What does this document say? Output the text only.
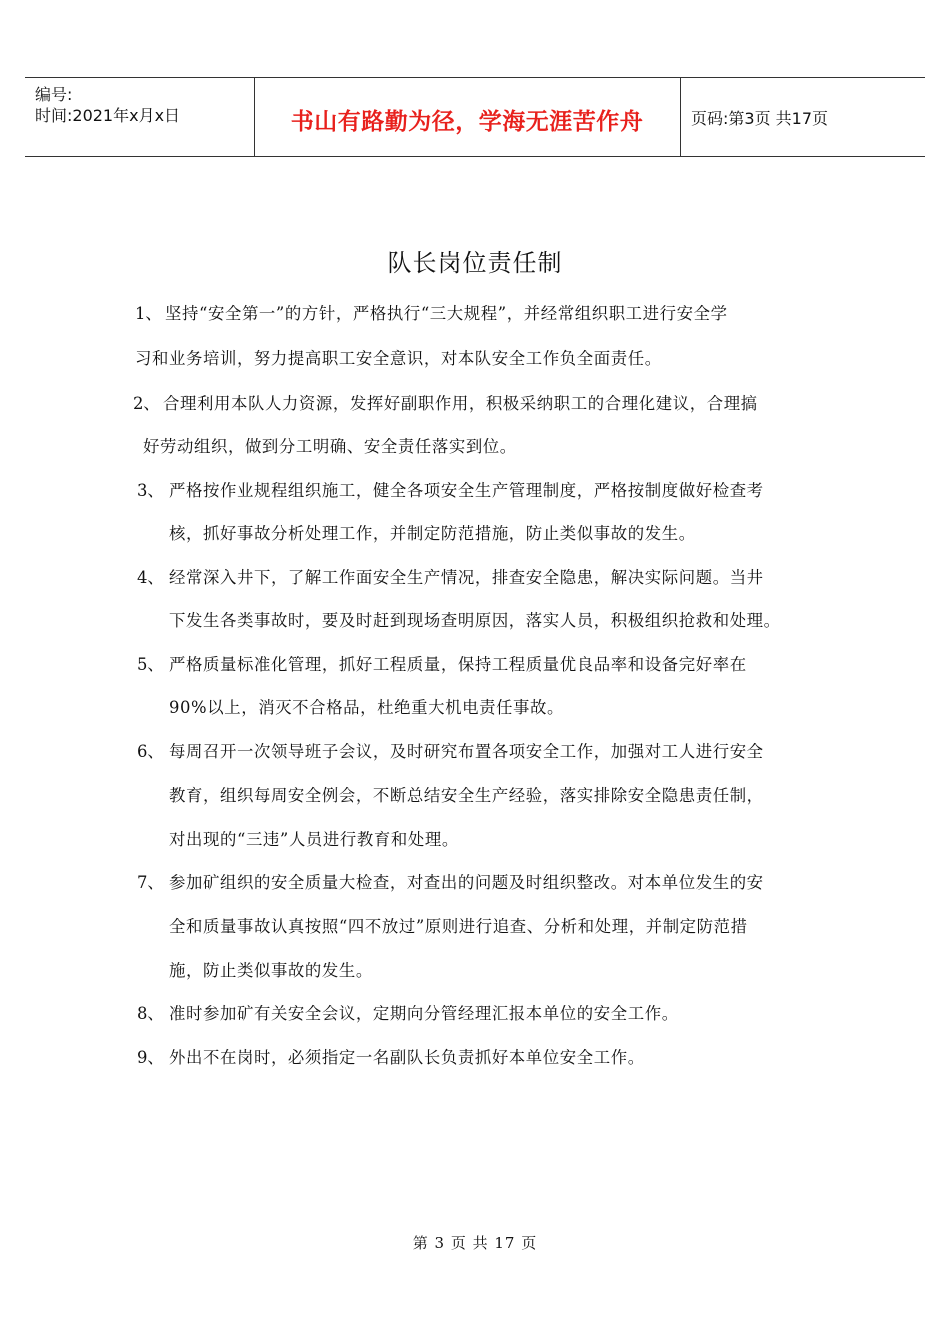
编号:
时间:2021年x月x日	书山有路勤为径，学海无涯苦作舟	页码:第3页 共17页
队长岗位责任制
1、 坚持“安全第一”的方针，严格执行“三大规程”，并经常组织职工进行安全学
习和业务培训，努力提高职工安全意识，对本队安全工作负全面责任。
2、 合理利用本队人力资源，发挥好副职作用，积极采纳职工的合理化建议，合理搞
好劳动组织，做到分工明确、安全责任落实到位。
3、 严格按作业规程组织施工，健全各项安全生产管理制度，严格按制度做好检查考
核，抓好事故分析处理工作，并制定防范措施，防止类似事故的发生。
4、 经常深入井下，了解工作面安全生产情况，排查安全隐患，解决实际问题。当井
下发生各类事故时，要及时赶到现场查明原因，落实人员，积极组织抢救和处理。
5、 严格质量标准化管理，抓好工程质量，保持工程质量优良品率和设备完好率在
90%以上，消灭不合格品，杜绝重大机电责任事故。
6、 每周召开一次领导班子会议，及时研究布置各项安全工作，加强对工人进行安全
教育，组织每周安全例会，不断总结安全生产经验，落实排除安全隐患责任制，
对出现的“三违”人员进行教育和处理。
7、 参加矿组织的安全质量大检查，对查出的问题及时组织整改。对本单位发生的安
全和质量事故认真按照“四不放过”原则进行追查、分析和处理，并制定防范措
施，防止类似事故的发生。
8、 准时参加矿有关安全会议，定期向分管经理汇报本单位的安全工作。
9、 外出不在岗时，必须指定一名副队长负责抓好本单位安全工作。
第 3 页 共 17 页
